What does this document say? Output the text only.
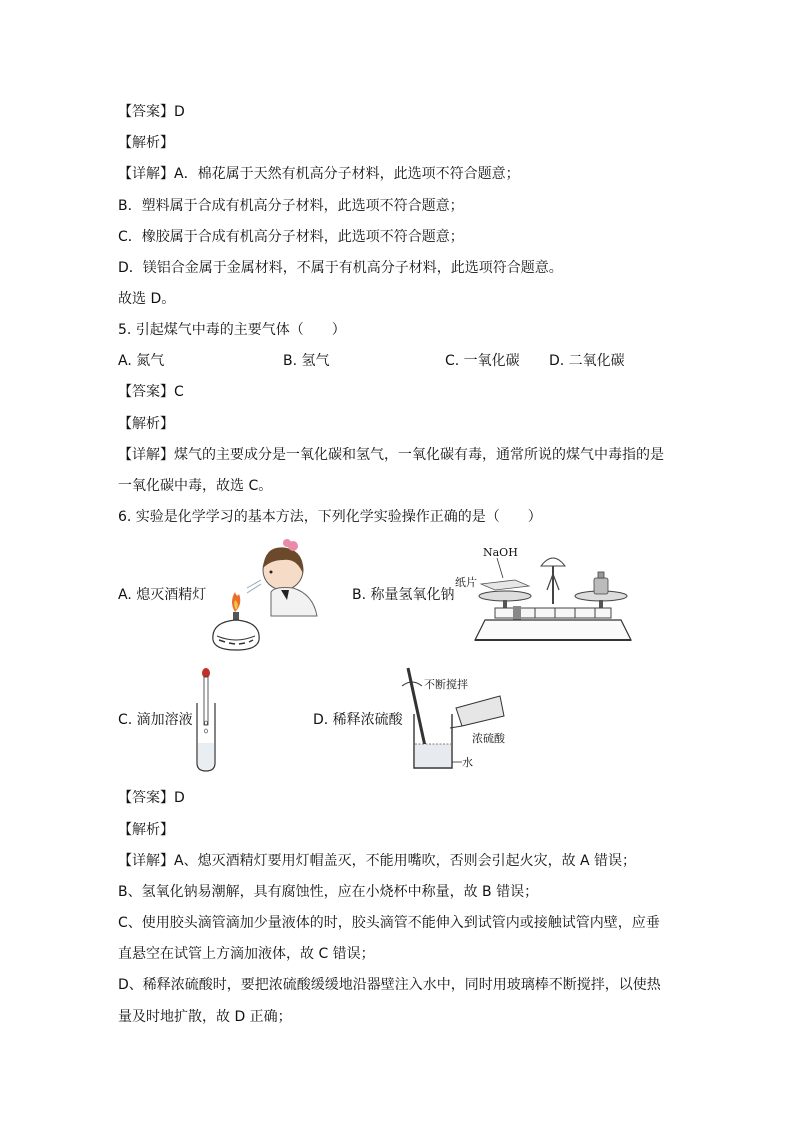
【答案】D
【解析】
【详解】A．棉花属于天然有机高分子材料，此选项不符合题意；
B．塑料属于合成有机高分子材料，此选项不符合题意；
C．橡胶属于合成有机高分子材料，此选项不符合题意；
D．镁铝合金属于金属材料，不属于有机高分子材料，此选项符合题意。
故选 D。
5. 引起煤气中毒的主要气体（　　）
A. 氮气	B. 氢气	C. 一氧化碳 D. 二氧化碳
【答案】C
【解析】
【详解】煤气的主要成分是一氧化碳和氢气，一氧化碳有毒，通常所说的煤气中毒指的是
一氧化碳中毒，故选 C。
6. 实验是化学学习的基本方法，下列化学实验操作正确的是（　　）
A. 熄灭酒精灯	B. 称量氢氧化钠
C. 滴加溶液	D. 稀释浓硫酸
NaOH
纸片
不断搅拌
浓硫酸
水
【答案】D
【解析】
【详解】A、熄灭酒精灯要用灯帽盖灭，不能用嘴吹，否则会引起火灾，故 A 错误；
B、氢氧化钠易潮解，具有腐蚀性，应在小烧杯中称量，故 B 错误；
C、使用胶头滴管滴加少量液体的时，胶头滴管不能伸入到试管内或接触试管内壁，应垂
直悬空在试管上方滴加液体，故 C 错误；
D、稀释浓硫酸时，要把浓硫酸缓缓地沿器壁注入水中，同时用玻璃棒不断搅拌，以使热
量及时地扩散，故 D 正确；
